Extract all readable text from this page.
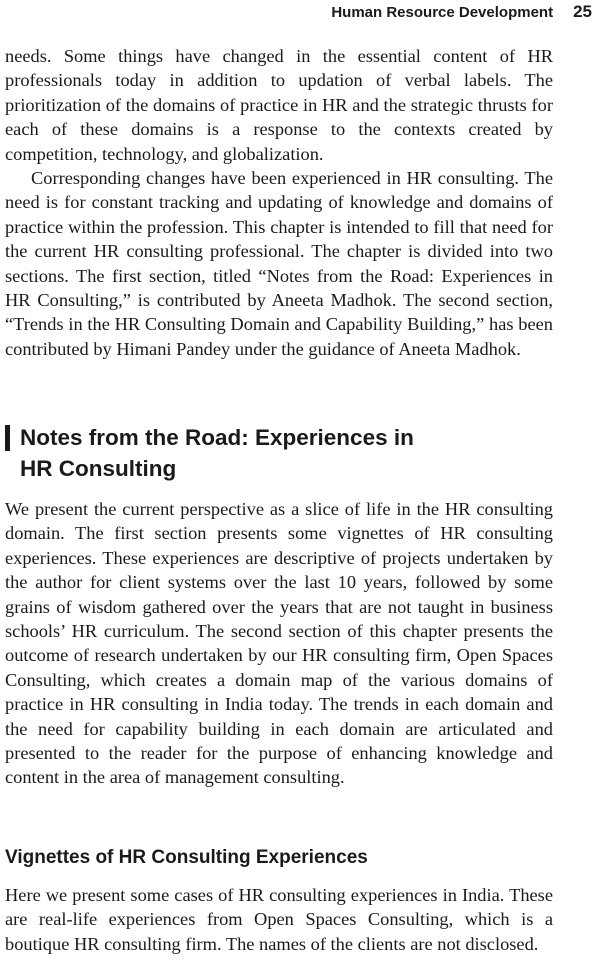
Human Resource Development 25

needs. Some things have changed in the essential content of HR professionals today in addition to updation of verbal labels. The prioritization of the domains of practice in HR and the strategic thrusts for each of these domains is a response to the contexts created by competition, technology, and globalization.

Corresponding changes have been experienced in HR consulting. The need is for constant tracking and updating of knowledge and domains of practice within the profession. This chapter is intended to fill that need for the current HR consulting professional. The chapter is divided into two sections. The first section, titled “Notes from the Road: Experiences in HR Consulting,” is contributed by Aneeta Madhok. The second section, “Trends in the HR Consulting Domain and Capability Building,” has been contributed by Himani Pandey under the guidance of Aneeta Madhok.

Notes from the Road: Experiences in HR Consulting

We present the current perspective as a slice of life in the HR consulting domain. The first section presents some vignettes of HR consulting experiences. These experiences are descriptive of projects undertaken by the author for client systems over the last 10 years, followed by some grains of wisdom gathered over the years that are not taught in business schools’ HR curriculum. The second section of this chapter presents the outcome of research undertaken by our HR consulting firm, Open Spaces Consulting, which creates a domain map of the various domains of practice in HR consulting in India today. The trends in each domain and the need for capability building in each domain are articulated and presented to the reader for the purpose of enhancing knowledge and content in the area of management consulting.

Vignettes of HR Consulting Experiences

Here we present some cases of HR consulting experiences in India. These are real-life experiences from Open Spaces Consulting, which is a boutique HR consulting firm. The names of the clients are not disclosed.
